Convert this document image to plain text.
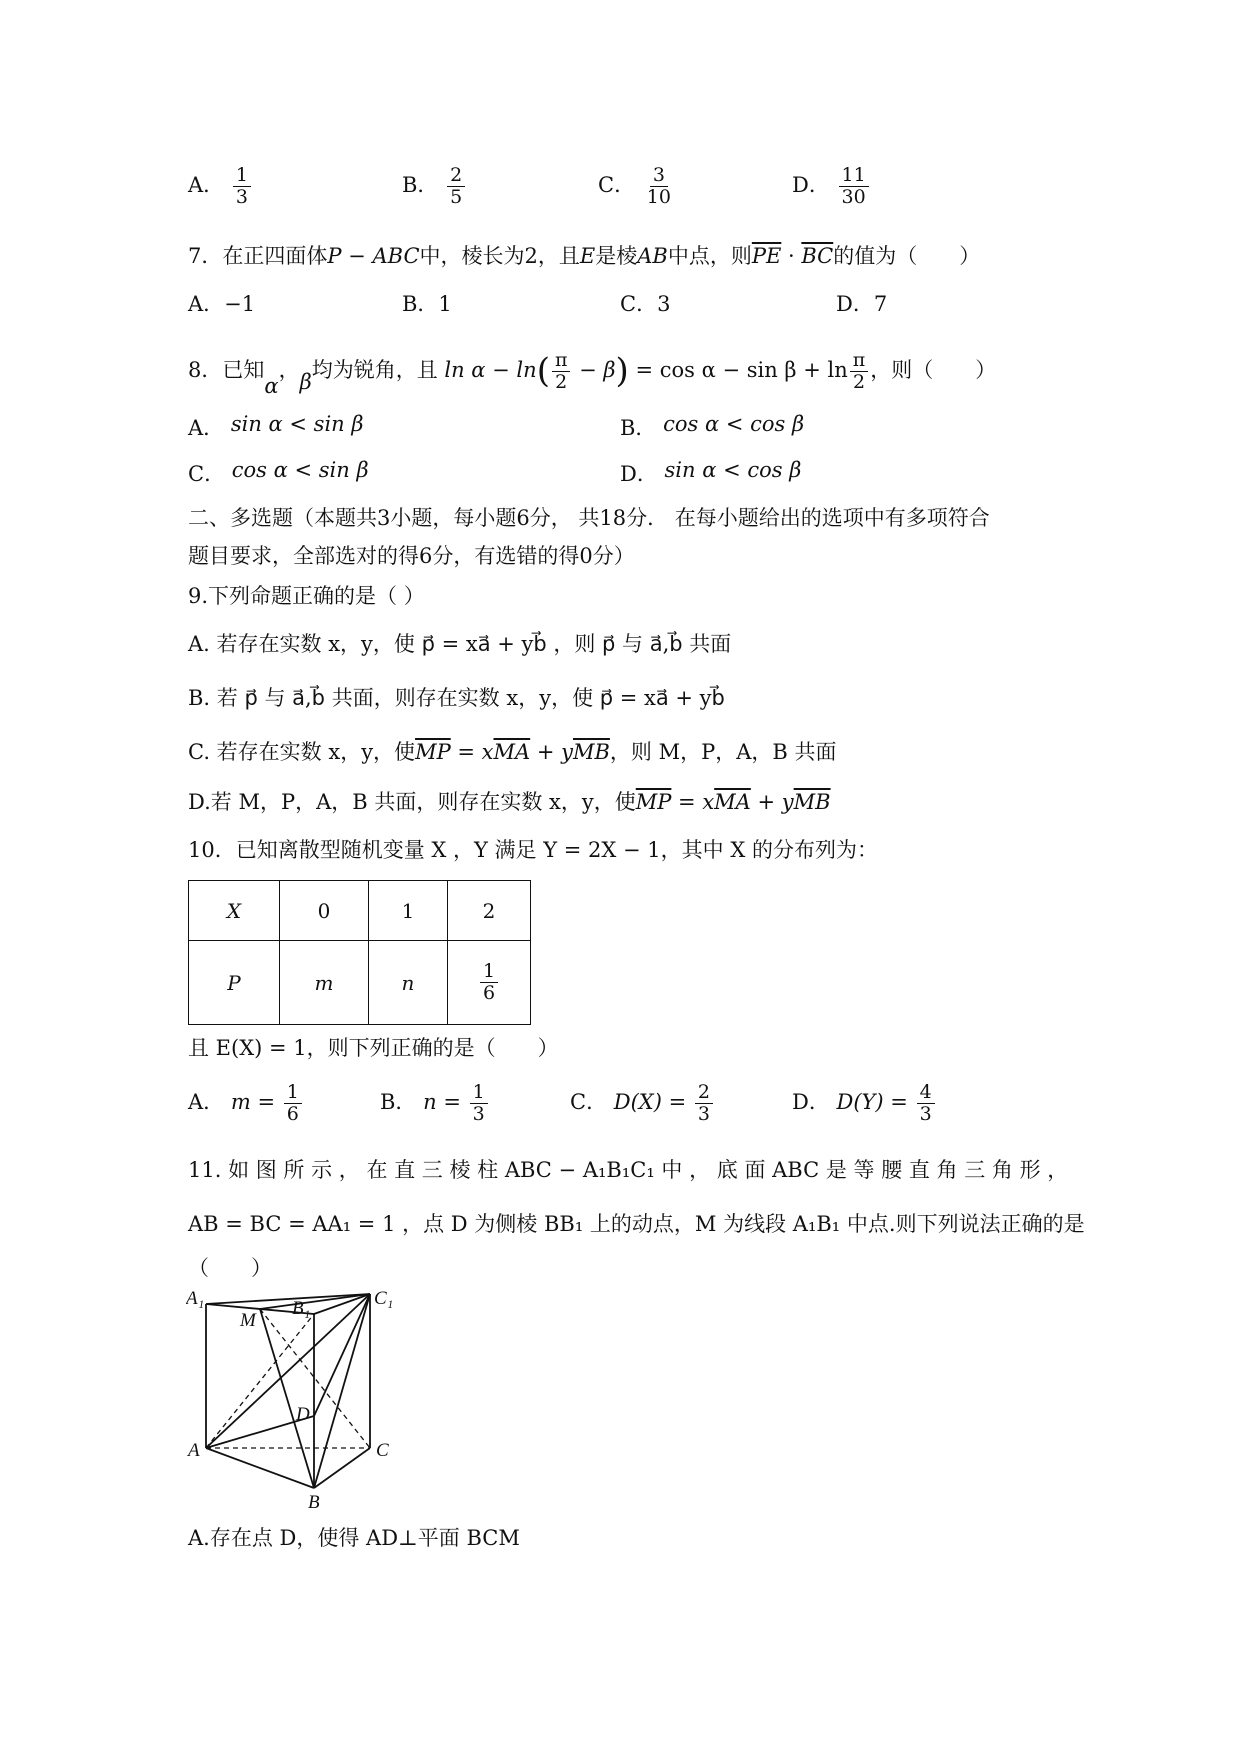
A． $\frac{1}{3}$	B． $\frac{2}{5}$	C． $\frac{3}{10}$	D． $\frac{11}{30}$
7．在正四面体P − ABC中，棱长为2，且E是棱AB中点，则$\overline{PE} \cdot \overline{BC}$的值为（　　）
A．−1	B．1	C．3	D．7
8．已知α，β均为锐角，且 $\ln \alpha - \ln( \frac{\pi}{2} - \beta) = \cos \alpha - \sin \beta + \ln \frac{\pi}{2}$ ，则（　　）
A． sin α < sin β	B． cos α < cos β
C． cos α < sin β	D． sin α < cos β
二、多选题（本题共3小题，每小题6分， 共18分． 在每小题给出的选项中有多项符合
题目要求，全部选对的得6分，有选错的得0分）
9.下列命题正确的是（ ）
A. 若存在实数 x，y，使 p⃗ = xa⃗ + yb⃗ ，则 p⃗ 与 a⃗,b⃗ 共面
B. 若 p⃗ 与 a⃗,b⃗ 共面，则存在实数 x，y，使 p⃗ = xa⃗ + yb⃗
C. 若存在实数 x，y，使$\overline{MP} = x\overline{MA} + y\overline{MB}$，则 M，P，A，B 共面
D.若 M，P，A，B 共面，则存在实数 x，y，使$\overline{MP} = x\overline{MA} + y\overline{MB}$
10．已知离散型随机变量 X ，Y 满足 Y = 2X − 1，其中 X 的分布列为：
X	0	1	2
P	m	n	$\frac{1}{6}$
且 E(X) = 1，则下列正确的是（　　）
A． $m = \frac{1}{6}$	B． $n = \frac{1}{3}$	C． $D(X) = \frac{2}{3}$	D． $D(Y) = \frac{4}{3}$
11. 如 图 所 示 ， 在 直 三 棱 柱 ABC − A₁B₁C₁ 中 ， 底 面 ABC 是 等 腰 直 角 三 角 形 ，
AB = BC = AA₁ = 1 ，点 D 为侧棱 BB₁ 上的动点，M 为线段 A₁B₁ 中点.则下列说法正确的是
（　　）
A₁	B₁	C₁
M
D
A
B
C
A.存在点 D，使得 AD⊥平面 BCM
